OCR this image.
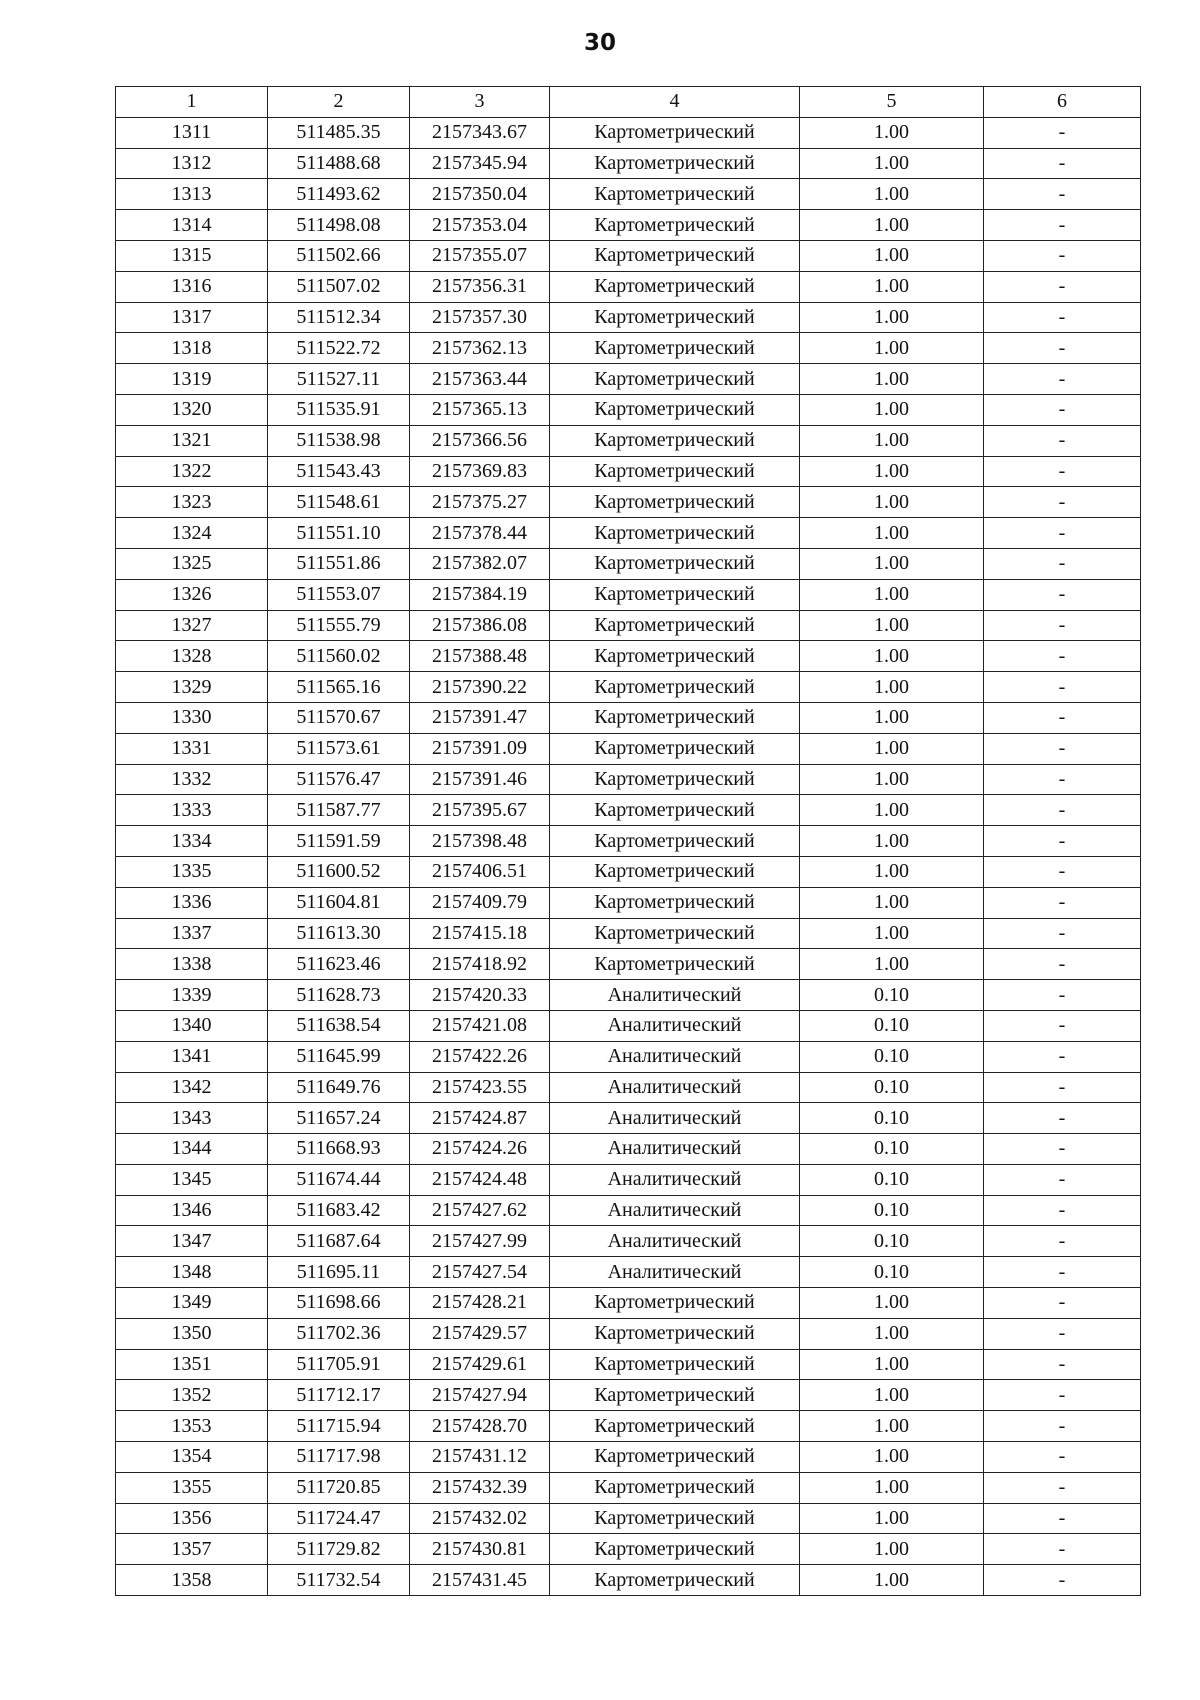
30
1	2	3	4	5	6
1311	511485.35	2157343.67	Картометрический	1.00	-
1312	511488.68	2157345.94	Картометрический	1.00	-
1313	511493.62	2157350.04	Картометрический	1.00	-
1314	511498.08	2157353.04	Картометрический	1.00	-
1315	511502.66	2157355.07	Картометрический	1.00	-
1316	511507.02	2157356.31	Картометрический	1.00	-
1317	511512.34	2157357.30	Картометрический	1.00	-
1318	511522.72	2157362.13	Картометрический	1.00	-
1319	511527.11	2157363.44	Картометрический	1.00	-
1320	511535.91	2157365.13	Картометрический	1.00	-
1321	511538.98	2157366.56	Картометрический	1.00	-
1322	511543.43	2157369.83	Картометрический	1.00	-
1323	511548.61	2157375.27	Картометрический	1.00	-
1324	511551.10	2157378.44	Картометрический	1.00	-
1325	511551.86	2157382.07	Картометрический	1.00	-
1326	511553.07	2157384.19	Картометрический	1.00	-
1327	511555.79	2157386.08	Картометрический	1.00	-
1328	511560.02	2157388.48	Картометрический	1.00	-
1329	511565.16	2157390.22	Картометрический	1.00	-
1330	511570.67	2157391.47	Картометрический	1.00	-
1331	511573.61	2157391.09	Картометрический	1.00	-
1332	511576.47	2157391.46	Картометрический	1.00	-
1333	511587.77	2157395.67	Картометрический	1.00	-
1334	511591.59	2157398.48	Картометрический	1.00	-
1335	511600.52	2157406.51	Картометрический	1.00	-
1336	511604.81	2157409.79	Картометрический	1.00	-
1337	511613.30	2157415.18	Картометрический	1.00	-
1338	511623.46	2157418.92	Картометрический	1.00	-
1339	511628.73	2157420.33	Аналитический	0.10	-
1340	511638.54	2157421.08	Аналитический	0.10	-
1341	511645.99	2157422.26	Аналитический	0.10	-
1342	511649.76	2157423.55	Аналитический	0.10	-
1343	511657.24	2157424.87	Аналитический	0.10	-
1344	511668.93	2157424.26	Аналитический	0.10	-
1345	511674.44	2157424.48	Аналитический	0.10	-
1346	511683.42	2157427.62	Аналитический	0.10	-
1347	511687.64	2157427.99	Аналитический	0.10	-
1348	511695.11	2157427.54	Аналитический	0.10	-
1349	511698.66	2157428.21	Картометрический	1.00	-
1350	511702.36	2157429.57	Картометрический	1.00	-
1351	511705.91	2157429.61	Картометрический	1.00	-
1352	511712.17	2157427.94	Картометрический	1.00	-
1353	511715.94	2157428.70	Картометрический	1.00	-
1354	511717.98	2157431.12	Картометрический	1.00	-
1355	511720.85	2157432.39	Картометрический	1.00	-
1356	511724.47	2157432.02	Картометрический	1.00	-
1357	511729.82	2157430.81	Картометрический	1.00	-
1358	511732.54	2157431.45	Картометрический	1.00	-
